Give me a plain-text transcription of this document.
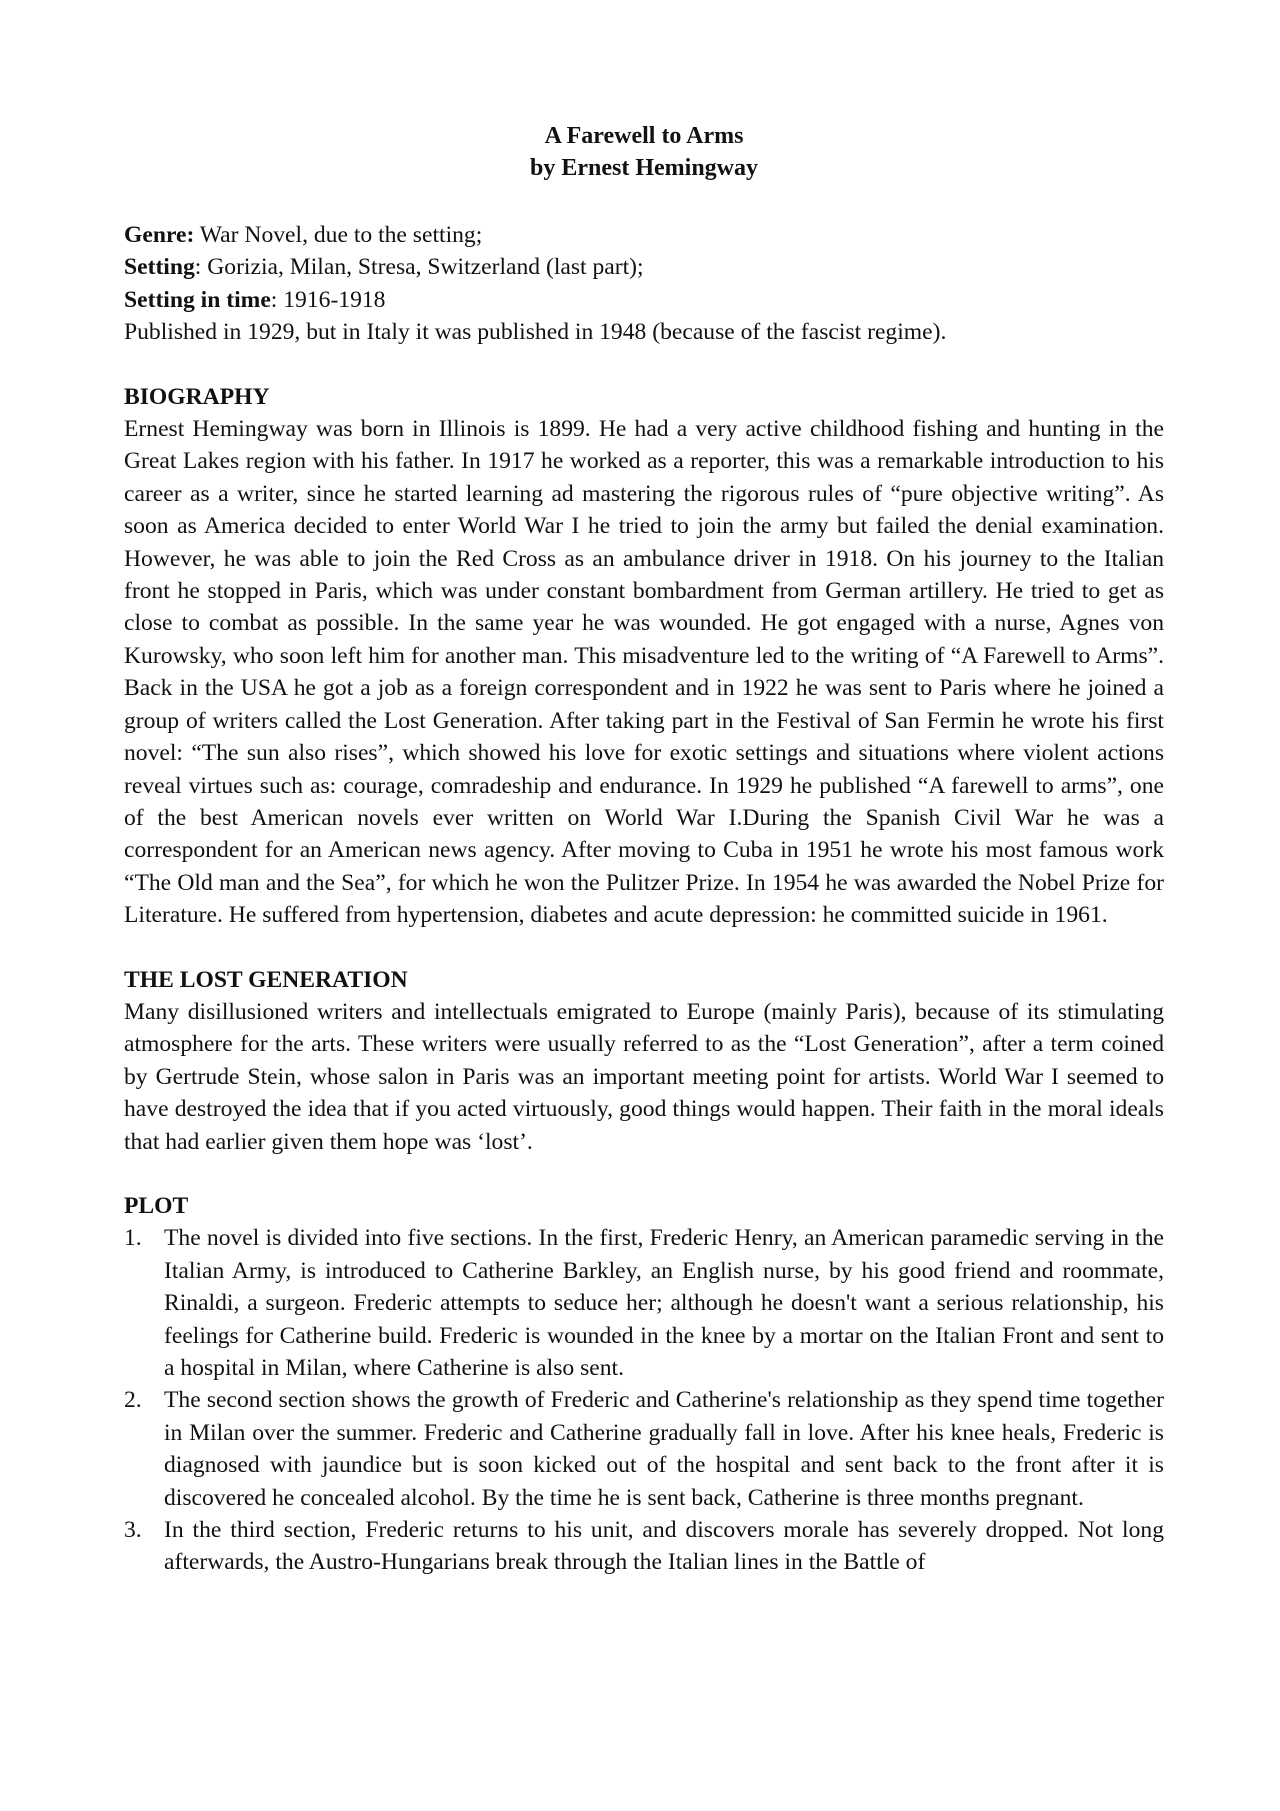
A Farewell to Arms

by Ernest Hemingway

Genre: War Novel, due to the setting;

Setting: Gorizia, Milan, Stresa, Switzerland (last part);

Setting in time: 1916-1918

Published in 1929, but in Italy it was published in 1948 (because of the fascist regime).

BIOGRAPHY

Ernest Hemingway was born in Illinois is 1899. He had a very active childhood fishing and hunting in the Great Lakes region with his father. In 1917 he worked as a reporter, this was a remarkable introduction to his career as a writer, since he started learning ad mastering the rigorous rules of “pure objective writing”. As soon as America decided to enter World War I he tried to join the army but failed the denial examination. However, he was able to join the Red Cross as an ambulance driver in 1918. On his journey to the Italian front he stopped in Paris, which was under constant bombardment from German artillery. He tried to get as close to combat as possible. In the same year he was wounded. He got engaged with a nurse, Agnes von Kurowsky, who soon left him for another man. This misadventure led to the writing of “A Farewell to Arms”. Back in the USA he got a job as a foreign correspondent and in 1922 he was sent to Paris where he joined a group of writers called the Lost Generation. After taking part in the Festival of San Fermin he wrote his first novel: “The sun also rises”, which showed his love for exotic settings and situations where violent actions reveal virtues such as: courage, comradeship and endurance. In 1929 he published “A farewell to arms”, one of the best American novels ever written on World War I.During the Spanish Civil War he was a correspondent for an American news agency. After moving to Cuba in 1951 he wrote his most famous work “The Old man and the Sea”, for which he won the Pulitzer Prize. In 1954 he was awarded the Nobel Prize for Literature. He suffered from hypertension, diabetes and acute depression: he committed suicide in 1961.

THE LOST GENERATION

Many disillusioned writers and intellectuals emigrated to Europe (mainly Paris), because of its stimulating atmosphere for the arts. These writers were usually referred to as the “Lost Generation”, after a term coined by Gertrude Stein, whose salon in Paris was an important meeting point for artists. World War I seemed to have destroyed the idea that if you acted virtuously, good things would happen. Their faith in the moral ideals that had earlier given them hope was ‘lost’.

PLOT

1. The novel is divided into five sections. In the first, Frederic Henry, an American paramedic serving in the Italian Army, is introduced to Catherine Barkley, an English nurse, by his good friend and roommate, Rinaldi, a surgeon. Frederic attempts to seduce her; although he doesn't want a serious relationship, his feelings for Catherine build. Frederic is wounded in the knee by a mortar on the Italian Front and sent to a hospital in Milan, where Catherine is also sent.
2. The second section shows the growth of Frederic and Catherine's relationship as they spend time together in Milan over the summer. Frederic and Catherine gradually fall in love. After his knee heals, Frederic is diagnosed with jaundice but is soon kicked out of the hospital and sent back to the front after it is discovered he concealed alcohol. By the time he is sent back, Catherine is three months pregnant.
3. In the third section, Frederic returns to his unit, and discovers morale has severely dropped. Not long afterwards, the Austro-Hungarians break through the Italian lines in the Battle of
